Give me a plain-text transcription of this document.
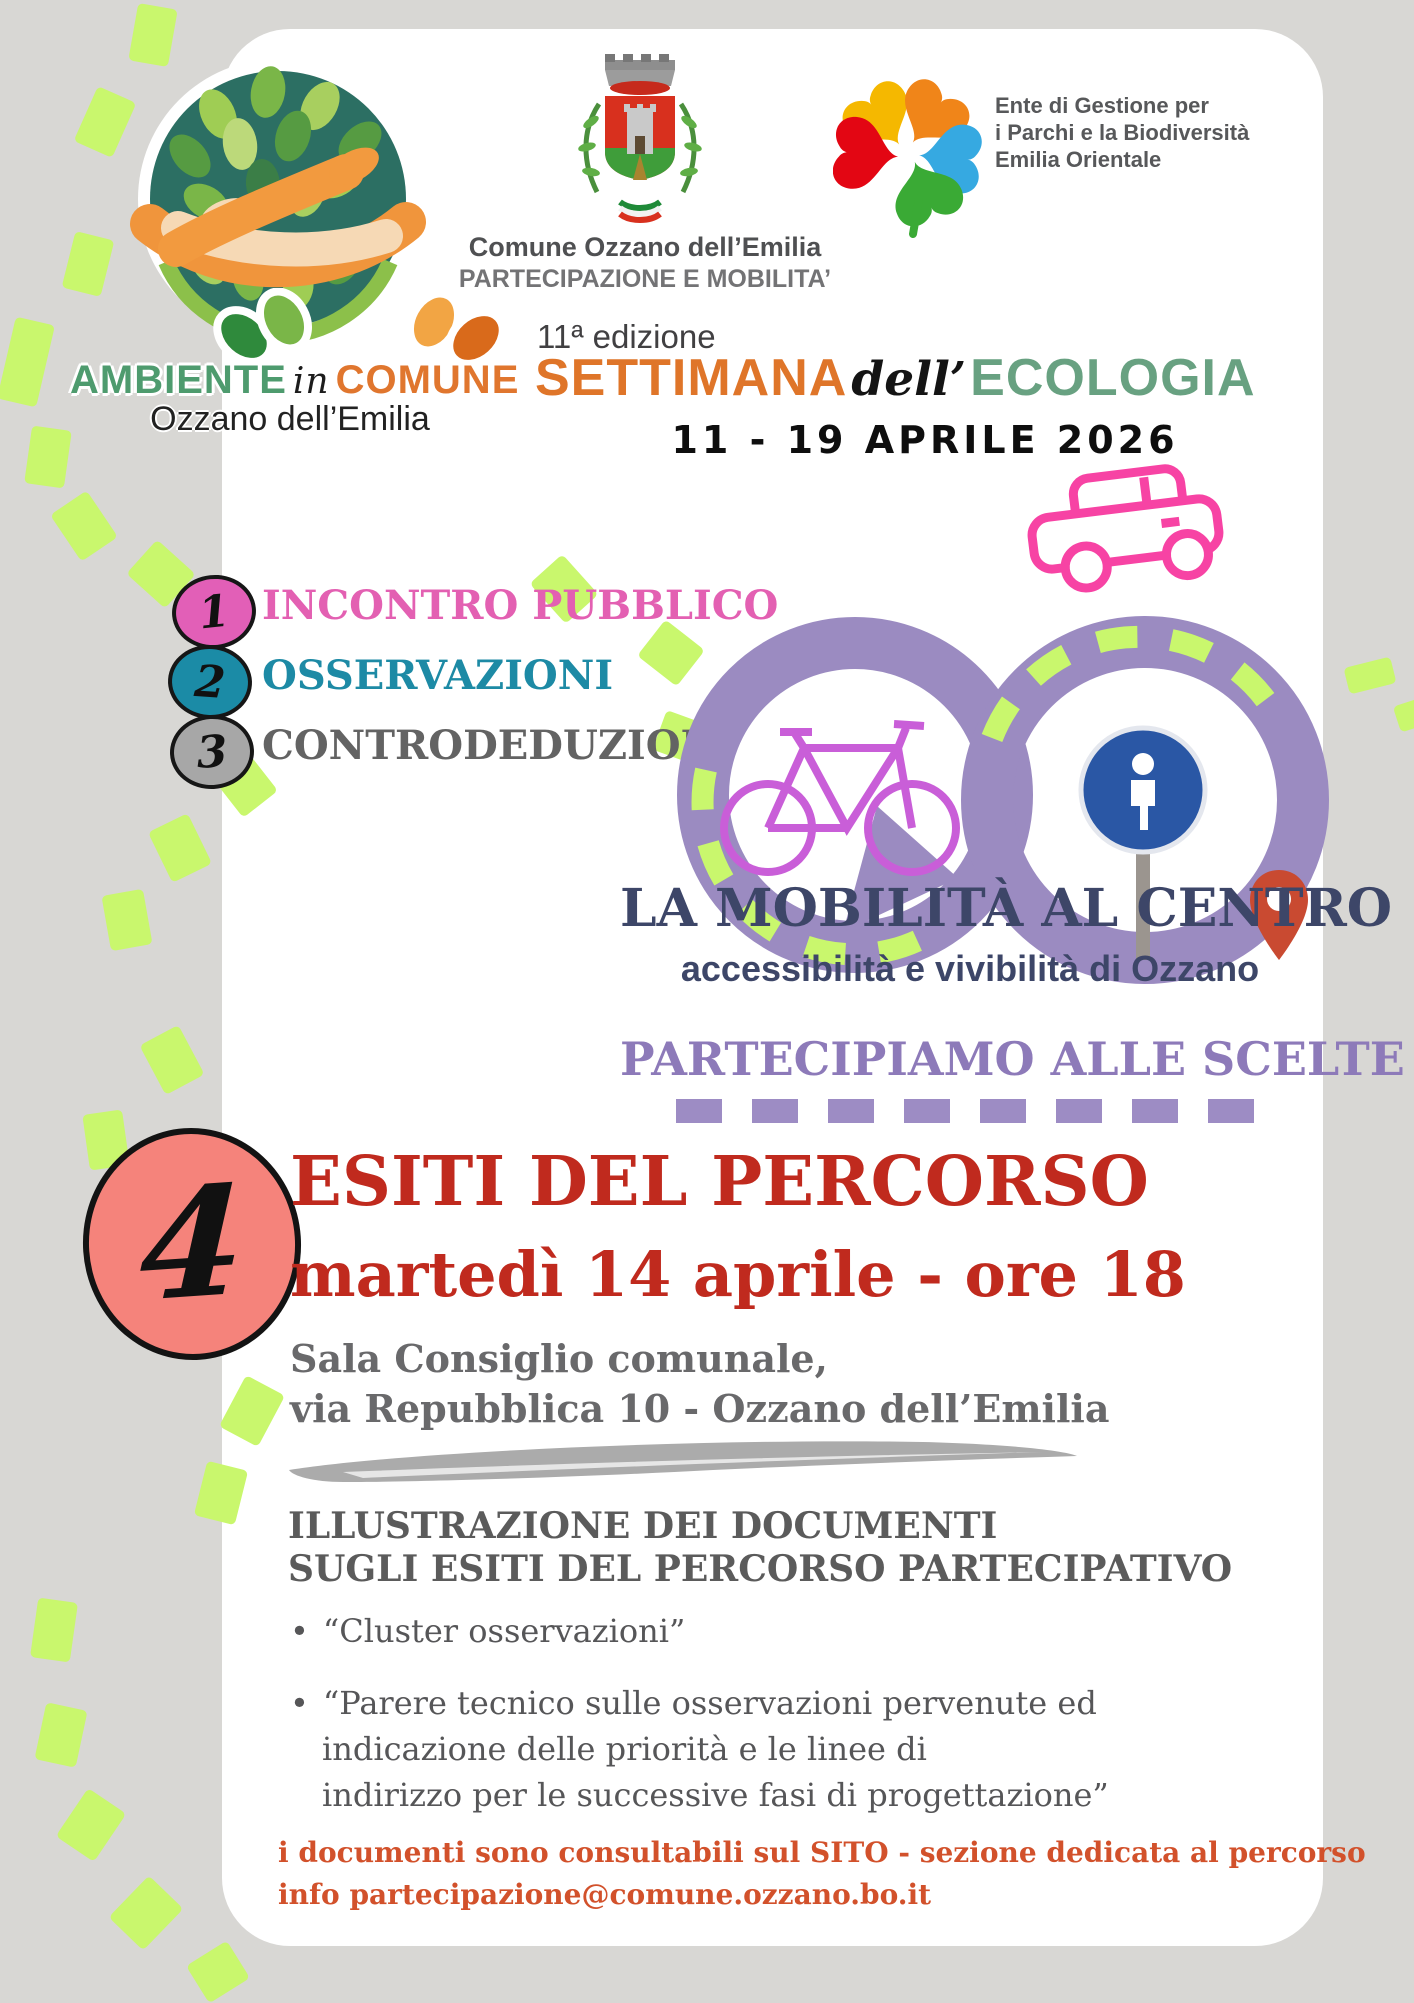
AMBIENTE in COMUNE
Ozzano dell’Emilia
Comune Ozzano dell’Emilia
PARTECIPAZIONE E MOBILITA’
Ente di Gestione per
i Parchi e la Biodiversità
Emilia Orientale
11ª edizione
SETTIMANAdell’ECOLOGIA
11 - 19 APRILE 2026
1 INCONTRO PUBBLICO
2 OSSERVAZIONI
3 CONTRODEDUZIONI
LA MOBILITÀ AL CENTRO
accessibilità e vivibilità di Ozzano
PARTECIPIAMO ALLE SCELTE
4 ESITI DEL PERCORSO
martedì 14 aprile - ore 18
Sala Consiglio comunale,
via Repubblica 10 - Ozzano dell’Emilia
ILLUSTRAZIONE DEI DOCUMENTI
SUGLI ESITI DEL PERCORSO PARTECIPATIVO
• “Cluster osservazioni”
• “Parere tecnico sulle osservazioni pervenute ed
indicazione delle priorità e le linee di
indirizzo per le successive fasi di progettazione”
i documenti sono consultabili sul SITO - sezione dedicata al percorso
info partecipazione@comune.ozzano.bo.it
